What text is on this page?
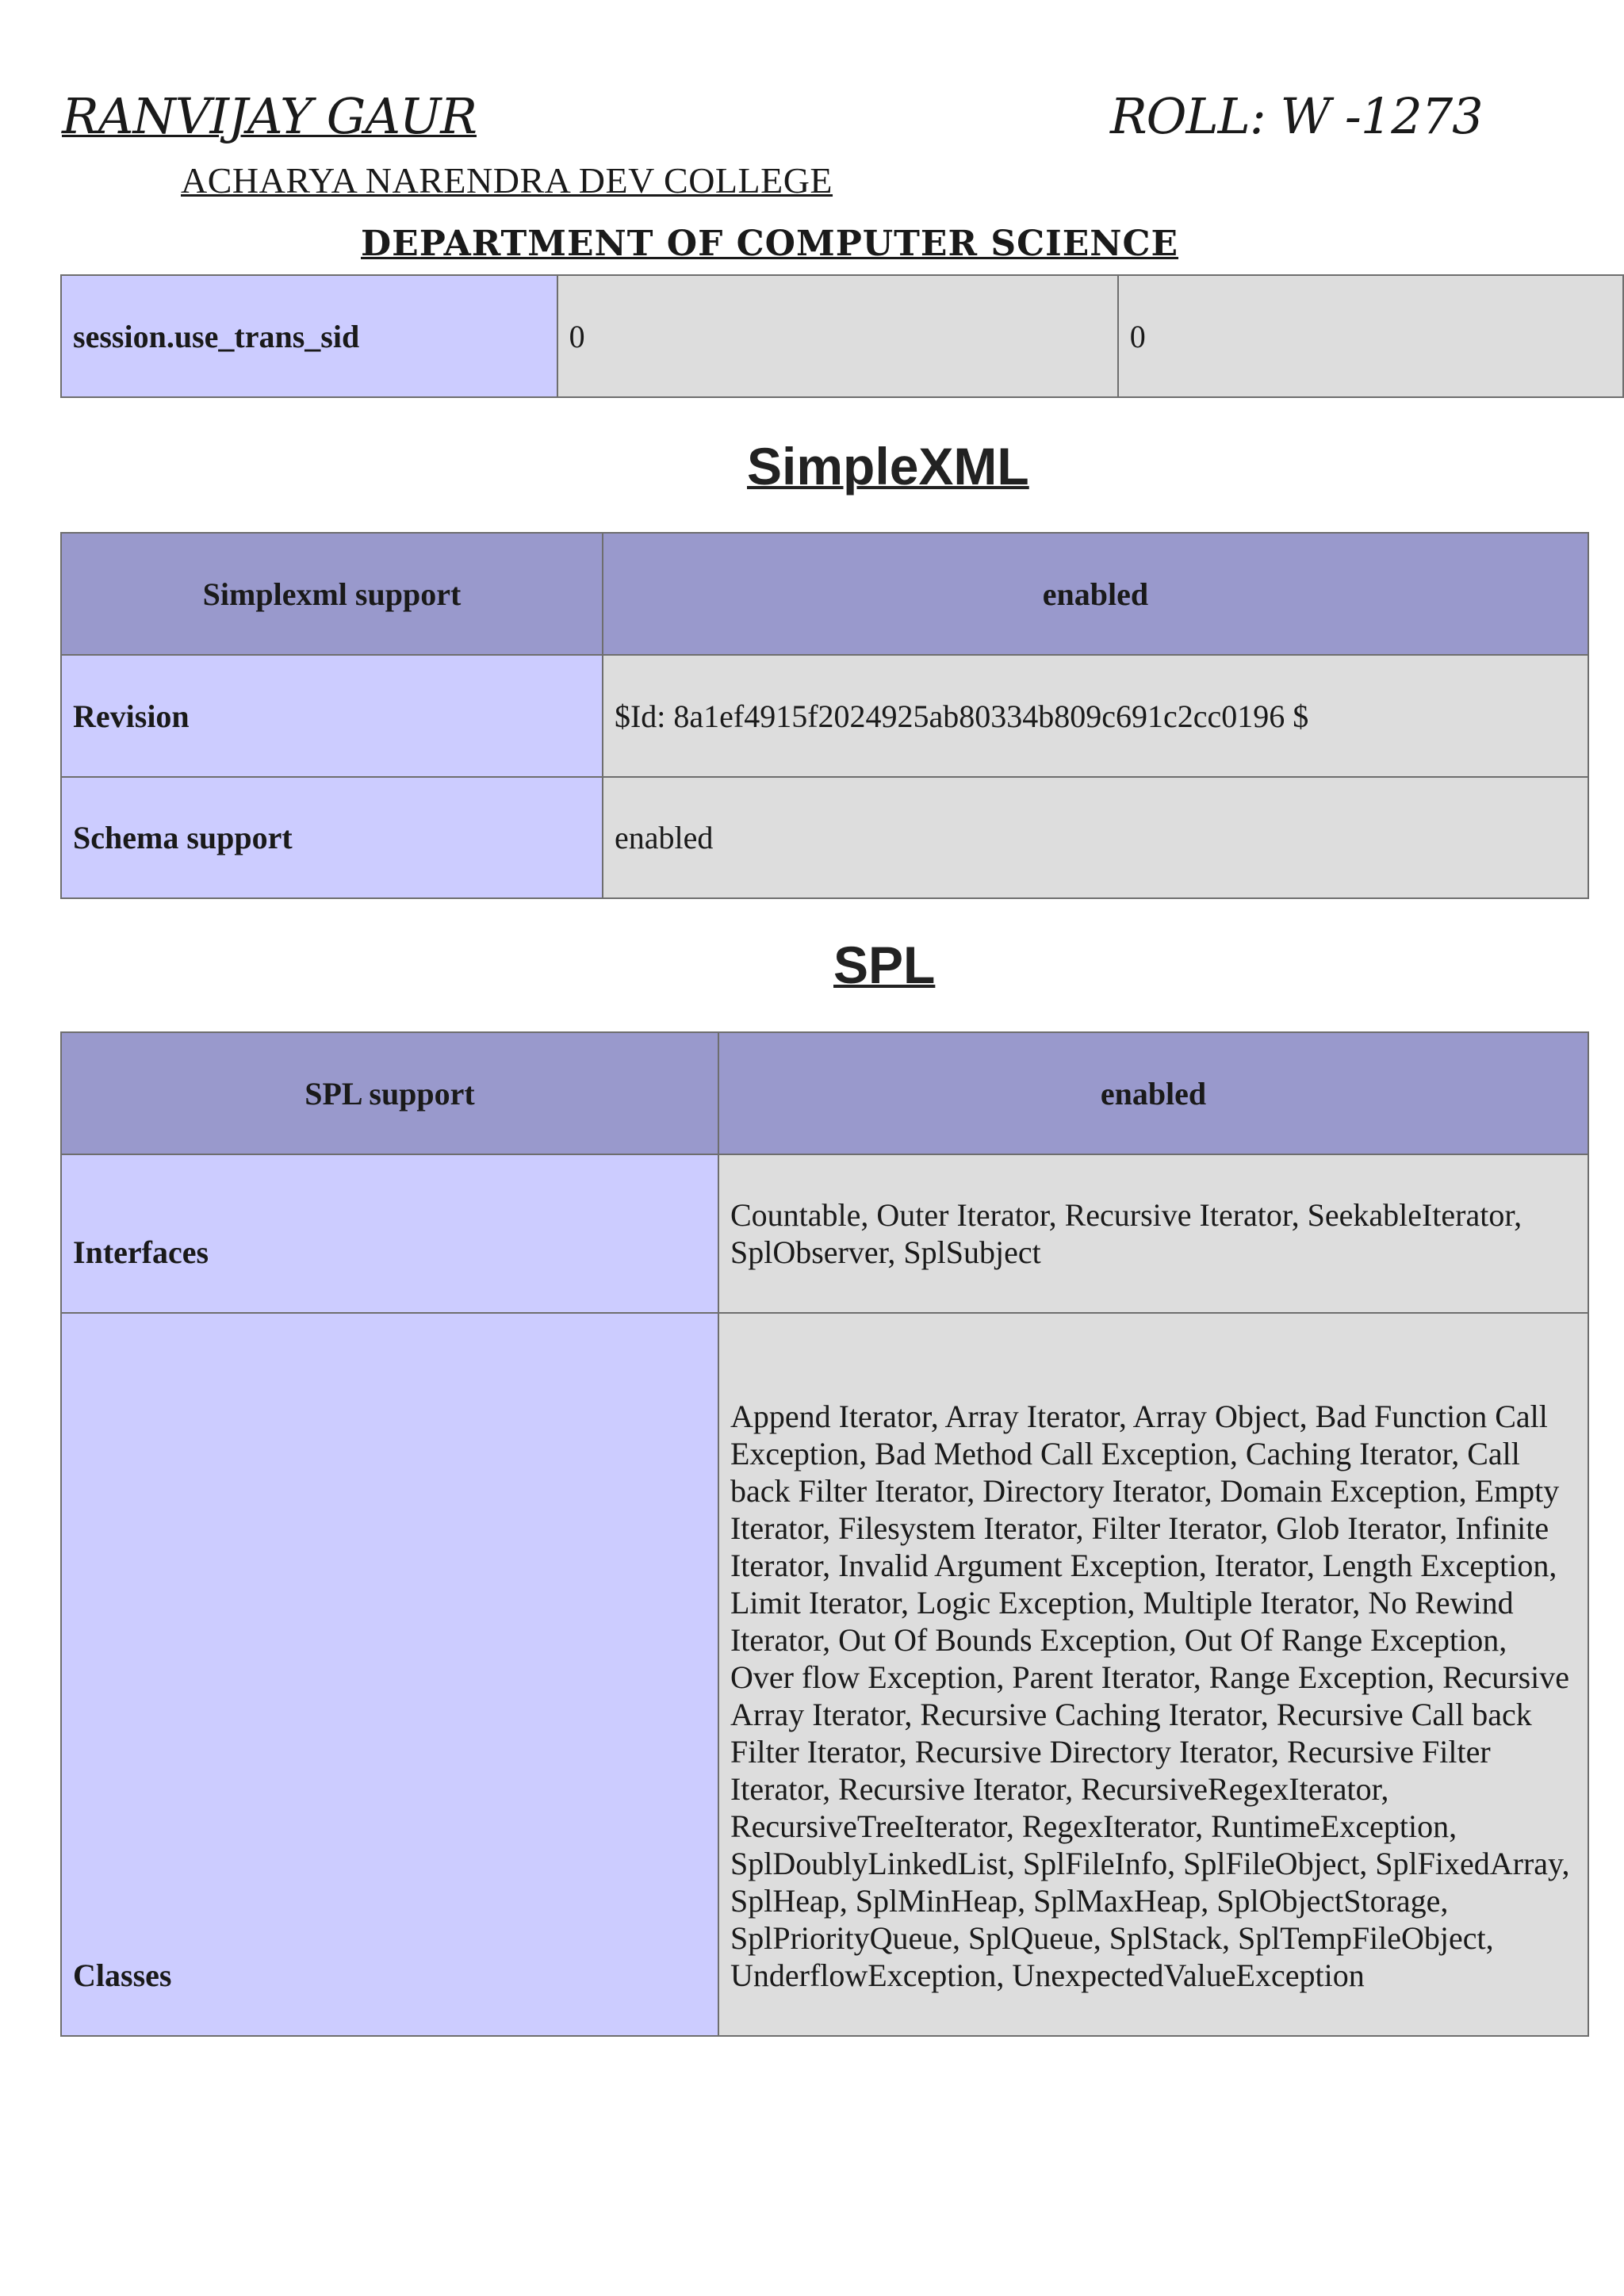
RANVIJAY GAUR	ROLL: W -1273
ACHARYA NARENDRA DEV COLLEGE
DEPARTMENT OF COMPUTER SCIENCE
session.use_trans_sid	0	0
SimpleXML
Simplexml support	enabled
Revision	$Id: 8a1ef4915f2024925ab80334b809c691c2cc0196 $
Schema support	enabled
SPL
SPL support	enabled
Interfaces	Countable, Outer Iterator, Recursive Iterator, SeekableIterator, SplObserver, SplSubject
Classes	Append Iterator, Array Iterator, Array Object, Bad Function Call Exception, Bad Method Call Exception, Caching Iterator, Call back Filter Iterator, Directory Iterator, Domain Exception, Empty Iterator, Filesystem Iterator, Filter Iterator, Glob Iterator, Infinite Iterator, Invalid Argument Exception, Iterator, Length Exception, Limit Iterator, Logic Exception, Multiple Iterator, No Rewind Iterator, Out Of Bounds Exception, Out Of Range Exception, Over flow Exception, Parent Iterator, Range Exception, Recursive Array Iterator, Recursive Caching Iterator, Recursive Call back Filter Iterator, Recursive Directory Iterator, Recursive Filter Iterator, Recursive Iterator, RecursiveRegexIterator, RecursiveTreeIterator, RegexIterator, RuntimeException, SplDoublyLinkedList, SplFileInfo, SplFileObject, SplFixedArray, SplHeap, SplMinHeap, SplMaxHeap, SplObjectStorage, SplPriorityQueue, SplQueue, SplStack, SplTempFileObject, UnderflowException, UnexpectedValueException
